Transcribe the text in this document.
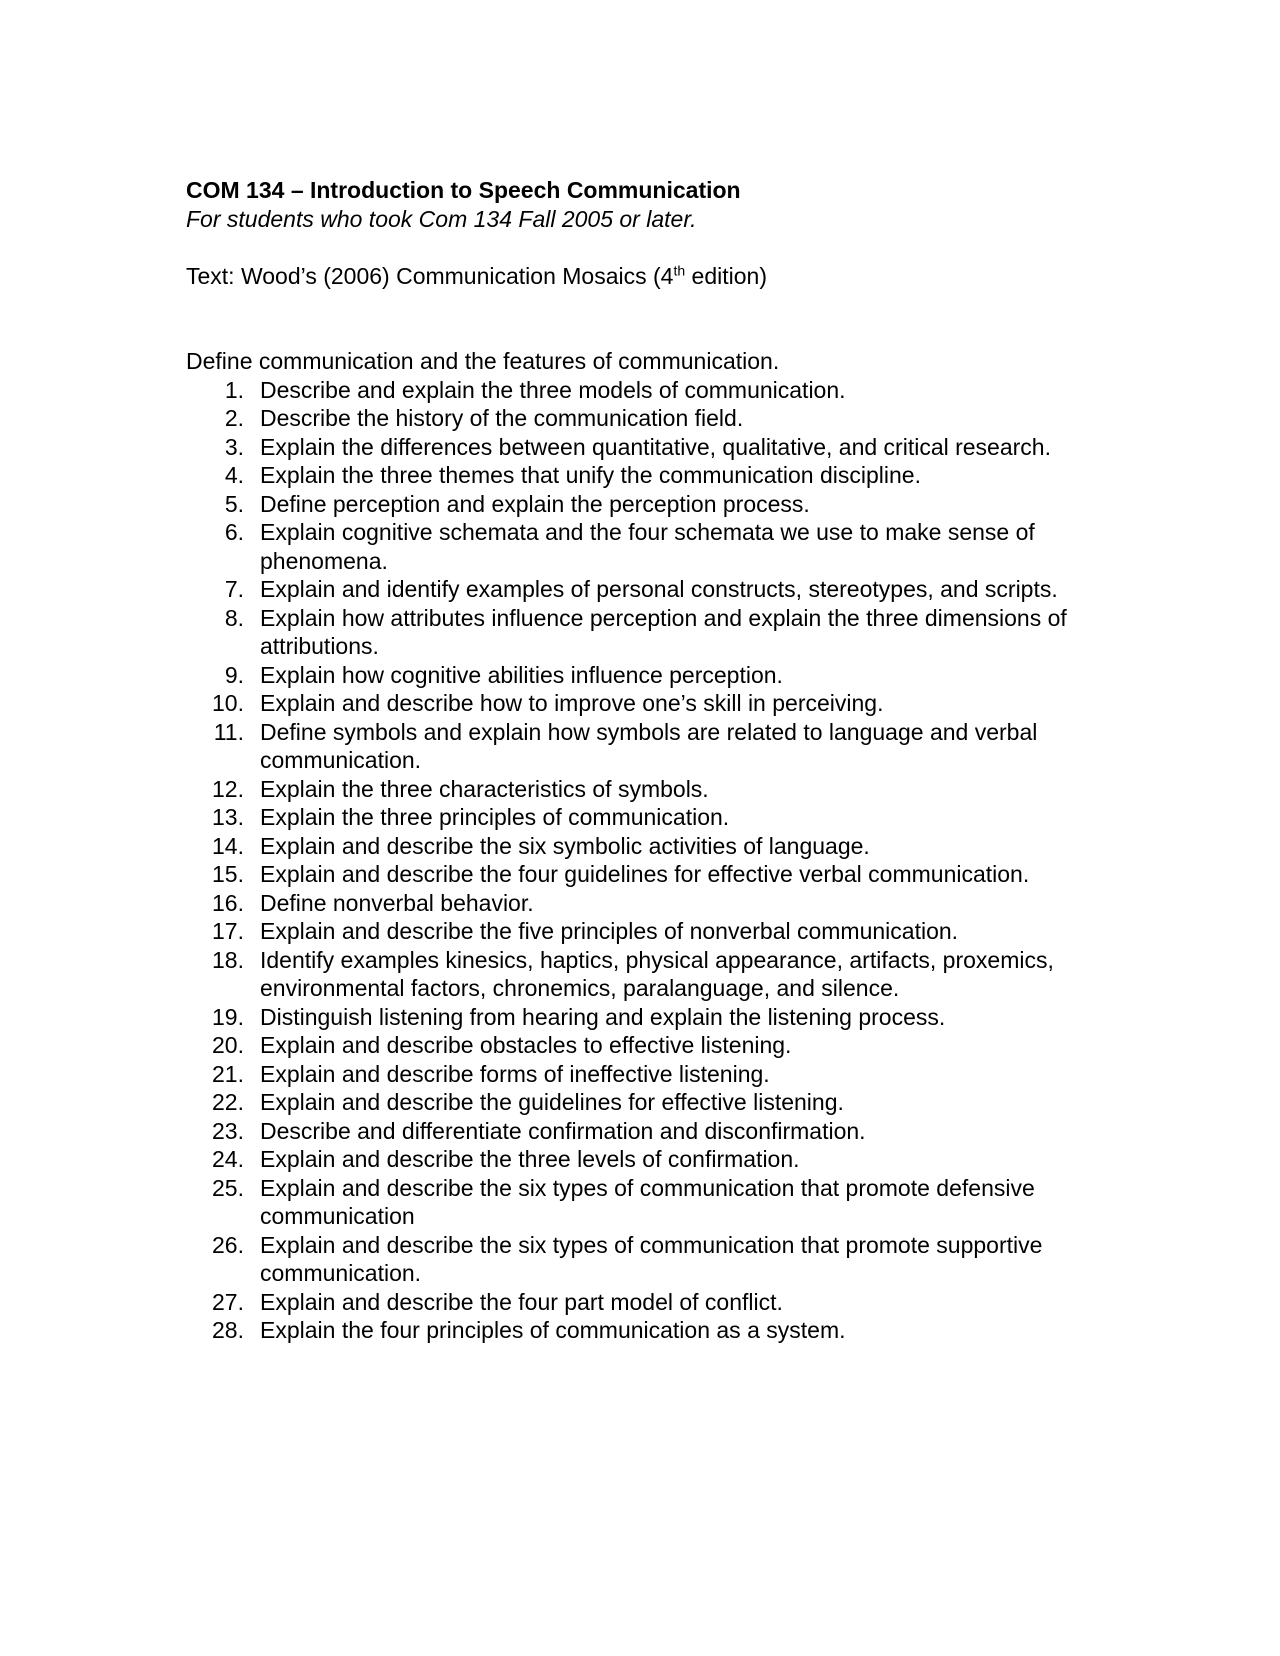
COM 134 – Introduction to Speech Communication

For students who took Com 134 Fall 2005 or later.

Text: Wood’s (2006) Communication Mosaics (4th edition)
Define communication and the features of communication.
1. Describe and explain the three models of communication.
2. Describe the history of the communication field.
3. Explain the differences between quantitative, qualitative, and critical research.
4. Explain the three themes that unify the communication discipline.
5. Define perception and explain the perception process.
6. Explain cognitive schemata and the four schemata we use to make sense of phenomena.
7. Explain and identify examples of personal constructs, stereotypes, and scripts.
8. Explain how attributes influence perception and explain the three dimensions of attributions.
9. Explain how cognitive abilities influence perception.
10. Explain and describe how to improve one’s skill in perceiving.
11. Define symbols and explain how symbols are related to language and verbal communication.
12. Explain the three characteristics of symbols.
13. Explain the three principles of communication.
14. Explain and describe the six symbolic activities of language.
15. Explain and describe the four guidelines for effective verbal communication.
16. Define nonverbal behavior.
17. Explain and describe the five principles of nonverbal communication.
18. Identify examples kinesics, haptics, physical appearance, artifacts, proxemics, environmental factors, chronemics, paralanguage, and silence.
19. Distinguish listening from hearing and explain the listening process.
20. Explain and describe obstacles to effective listening.
21. Explain and describe forms of ineffective listening.
22. Explain and describe the guidelines for effective listening.
23. Describe and differentiate confirmation and disconfirmation.
24. Explain and describe the three levels of confirmation.
25. Explain and describe the six types of communication that promote defensive communication
26. Explain and describe the six types of communication that promote supportive communication.
27. Explain and describe the four part model of conflict.
28. Explain the four principles of communication as a system.
